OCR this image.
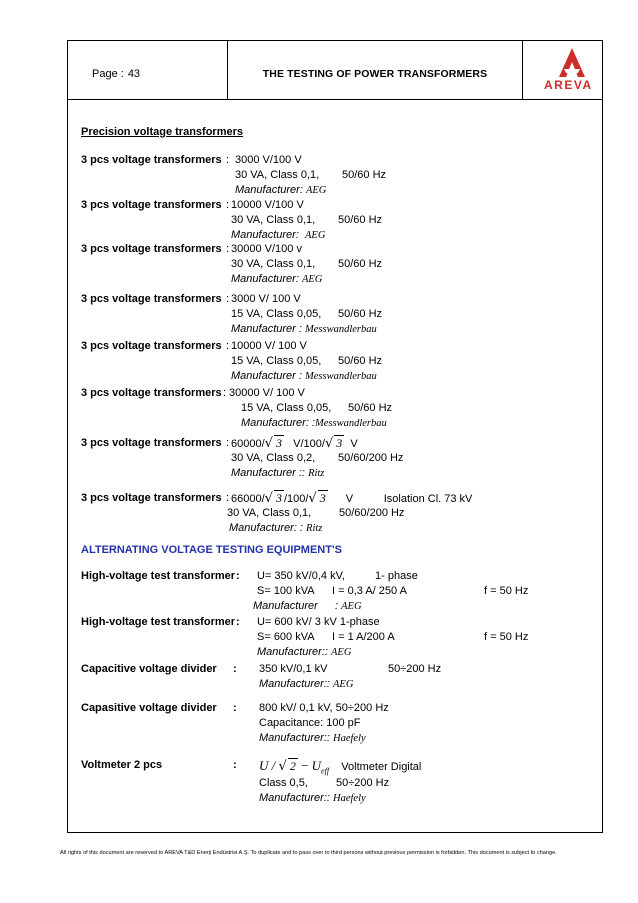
Page : 43	THE TESTING OF POWER TRANSFORMERS
AREVA
Precision voltage transformers
3 pcs voltage transformers : 3000 V/100 V
30 VA, Class 0,1, 50/60 Hz
Manufacturer: AEG
3 pcs voltage transformers : 10000 V/100 V
30 VA, Class 0,1, 50/60 Hz
Manufacturer: AEG
3 pcs voltage transformers : 30000 V/100 v
30 VA, Class 0,1, 50/60 Hz
Manufacturer: AEG
3 pcs voltage transformers : 3000 V/ 100 V
15 VA, Class 0,05, 50/60 Hz
Manufacturer : Messwandlerbau
3 pcs voltage transformers : 10000 V/ 100 V
15 VA, Class 0,05, 50/60 Hz
Manufacturer : Messwandlerbau
3 pcs voltage transformers : 30000 V/ 100 V
15 VA, Class 0,05, 50/60 Hz
Manufacturer: :Messwandlerbau
3 pcs voltage transformers : 60000/√ 3 V/100/√ 3 V
30 VA, Class 0,2, 50/60/200 Hz
Manufacturer :: Ritz
3 pcs voltage transformers : 66000/√ 3 /100/√ 3 V	Isolation Cl. 73 kV
30 VA, Class 0,1,	50/60/200 Hz
Manufacturer: : Ritz
ALTERNATING VOLTAGE TESTING EQUIPMENT'S
High-voltage test transformer : U= 350 kV/0,4 kV,	1- phase
S= 100 kVA I = 0,3 A/ 250 A	f = 50 Hz
Manufacturer : AEG
High-voltage test transformer : U= 600 kV/ 3 kV 1-phase
S= 600 kVA I = 1 A/200 A	f = 50 Hz
Manufacturer:: AEG
Capacitive voltage divider : 350 kV/0,1 kV	50÷200 Hz
Manufacturer:: AEG
Capasitive voltage divider : 800 kV/ 0,1 kV, 50÷200 Hz
Capacitance: 100 pF
Manufacturer:: Haefely
Voltmeter 2 pcs	: U / √ $2 - U_{eff}$ Voltmeter Digital
Class 0,5,	50÷200 Hz
Manufacturer:: Haefely
All rights of this document are reserved to AREVA T&D Enerji Endüstrisi A.Ş. To duplicate and to pass over to third persons without previous permission is forbidden. This document is subject to change.
